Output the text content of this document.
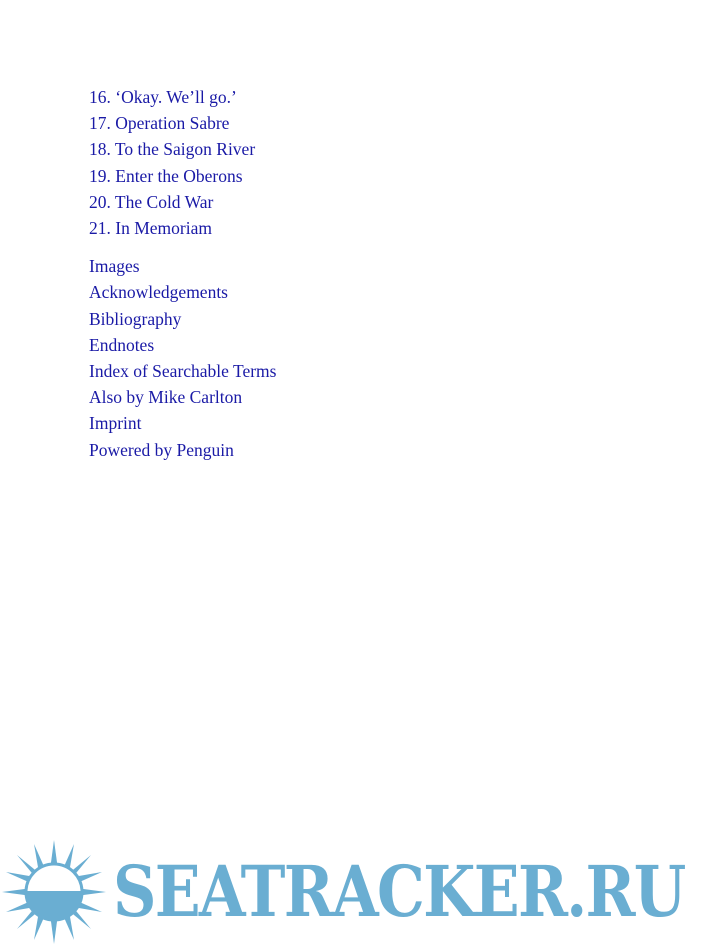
16. ‘Okay. We’ll go.’
17. Operation Sabre
18. To the Saigon River
19. Enter the Oberons
20. The Cold War
21. In Memoriam
Images
Acknowledgements
Bibliography
Endnotes
Index of Searchable Terms
Also by Mike Carlton
Imprint
Powered by Penguin
SEATRACKER.RU
